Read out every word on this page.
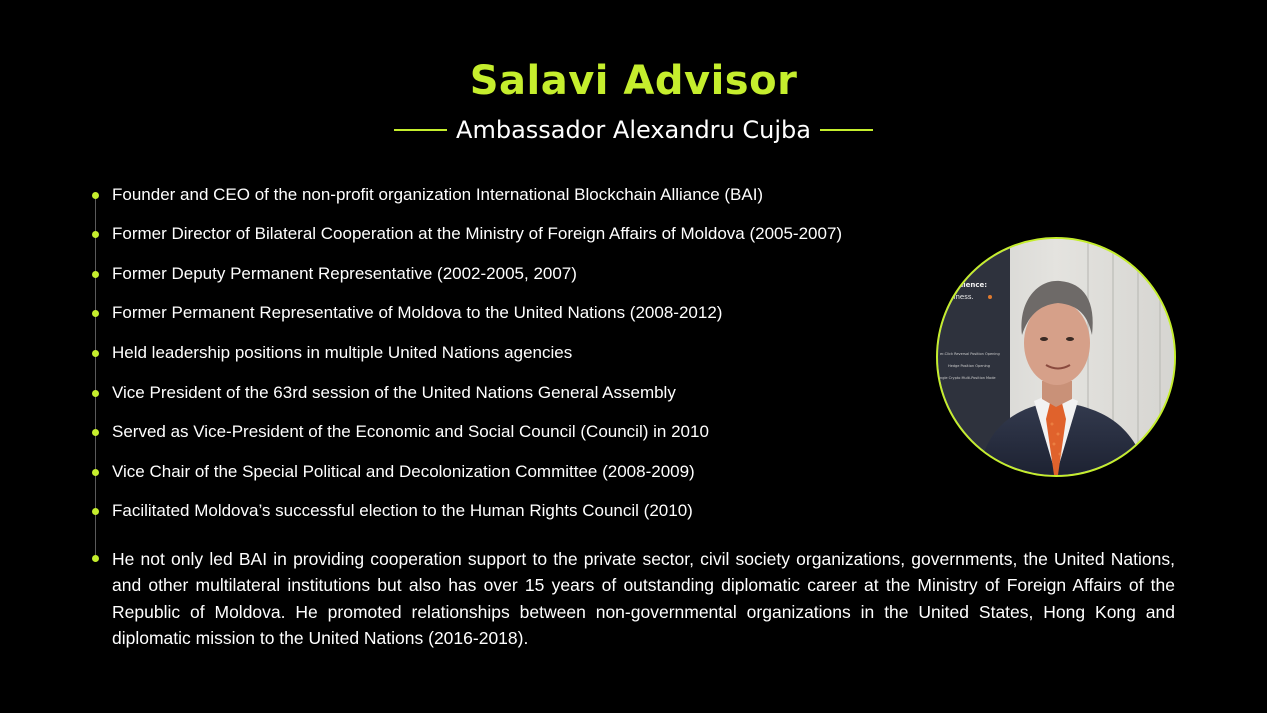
Salavi Advisor
Ambassador Alexandru Cujba
Founder and CEO of the non-profit organization International Blockchain Alliance (BAI)
Former Director of Bilateral Cooperation at the Ministry of Foreign Affairs of Moldova (2005-2007)
Former Deputy Permanent Representative (2002-2005, 2007)
Former Permanent Representative of Moldova to the United Nations (2008-2012)
Held leadership positions in multiple United Nations agencies
Vice President of the 63rd session of the United Nations General Assembly
Served as Vice-President of the Economic and Social Council (Council) in 2010
Vice Chair of the Special Political and Decolonization Committee (2008-2009)
Facilitated Moldova’s successful election to the Human Rights Council (2010)

He not only led BAI in providing cooperation support to the private sector, civil society organizations, governments, the United Nations, and other multilateral institutions but also has over 15 years of outstanding diplomatic career at the Ministry of Foreign Affairs of the Republic of Moldova. He promoted relationships between non-governmental organizations in the United States, Hong Kong and diplomatic mission to the United Nations (2016-2018).

nvenience:
othness.
er-Click Reversal Position Opening
Hedge Position Opening
ngle Crypto Multi-Position Mode
